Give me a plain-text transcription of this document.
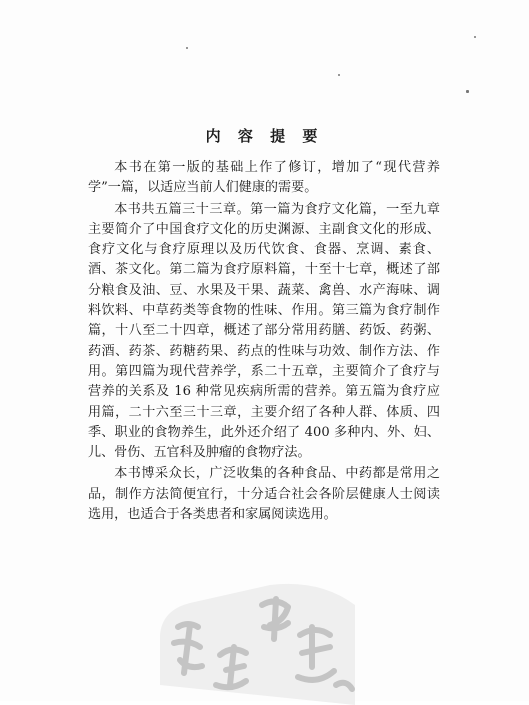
内 容 提 要

本书在第一版的基础上作了修订，增加了“现代营养学”一篇，以适应当前人们健康的需要。

本书共五篇三十三章。第一篇为食疗文化篇，一至九章主要简介了中国食疗文化的历史渊源、主副食文化的形成、食疗文化与食疗原理以及历代饮食、食器、烹调、素食、酒、茶文化。第二篇为食疗原料篇，十至十七章，概述了部分粮食及油、豆、水果及干果、蔬菜、禽兽、水产海味、调料饮料、中草药类等食物的性味、作用。第三篇为食疗制作篇，十八至二十四章，概述了部分常用药膳、药饭、药粥、药酒、药茶、药糖药果、药点的性味与功效、制作方法、作用。第四篇为现代营养学，系二十五章，主要简介了食疗与营养的关系及 16 种常见疾病所需的营养。第五篇为食疗应用篇，二十六至三十三章，主要介绍了各种人群、体质、四季、职业的食物养生，此外还介绍了 400 多种内、外、妇、儿、骨伤、五官科及肿瘤的食物疗法。

本书博采众长，广泛收集的各种食品、中药都是常用之品，制作方法简便宜行，十分适合社会各阶层健康人士阅读选用，也适合于各类患者和家属阅读选用。
